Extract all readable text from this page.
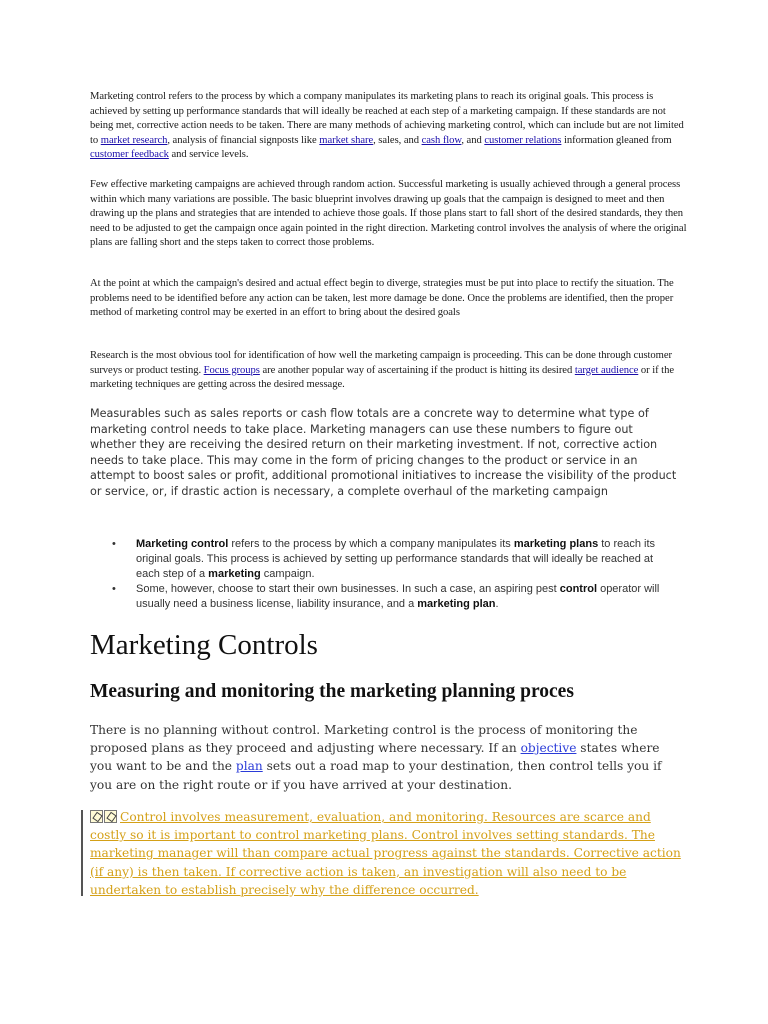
Marketing control refers to the process by which a company manipulates its marketing plans to reach its original goals. This process is achieved by setting up performance standards that will ideally be reached at each step of a marketing campaign. If these standards are not being met, corrective action needs to be taken. There are many methods of achieving marketing control, which can include but are not limited to market research, analysis of financial signposts like market share, sales, and cash flow, and customer relations information gleaned from customer feedback and service levels.

Few effective marketing campaigns are achieved through random action. Successful marketing is usually achieved through a general process within which many variations are possible. The basic blueprint involves drawing up goals that the campaign is designed to meet and then drawing up the plans and strategies that are intended to achieve those goals. If those plans start to fall short of the desired standards, they then need to be adjusted to get the campaign once again pointed in the right direction. Marketing control involves the analysis of where the original plans are falling short and the steps taken to correct those problems.

At the point at which the campaign's desired and actual effect begin to diverge, strategies must be put into place to rectify the situation. The problems need to be identified before any action can be taken, lest more damage be done. Once the problems are identified, then the proper method of marketing control may be exerted in an effort to bring about the desired goals

Research is the most obvious tool for identification of how well the marketing campaign is proceeding. This can be done through customer surveys or product testing. Focus groups are another popular way of ascertaining if the product is hitting its desired target audience or if the marketing techniques are getting across the desired message.

Measurables such as sales reports or cash flow totals are a concrete way to determine what type of marketing control needs to take place. Marketing managers can use these numbers to figure out whether they are receiving the desired return on their marketing investment. If not, corrective action needs to take place. This may come in the form of pricing changes to the product or service in an attempt to boost sales or profit, additional promotional initiatives to increase the visibility of the product or service, or, if drastic action is necessary, a complete overhaul of the marketing campaign
• Marketing control refers to the process by which a company manipulates its marketing plans to reach its original goals. This process is achieved by setting up performance standards that will ideally be reached at each step of a marketing campaign.
• Some, however, choose to start their own businesses. In such a case, an aspiring pest control operator will usually need a business license, liability insurance, and a marketing plan.
Marketing Controls
Measuring and monitoring the marketing planning proces
There is no planning without control. Marketing control is the process of monitoring the proposed plans as they proceed and adjusting where necessary. If an objective states where you want to be and the plan sets out a road map to your destination, then control tells you if you are on the right route or if you have arrived at your destination.
Control involves measurement, evaluation, and monitoring. Resources are scarce and costly so it is important to control marketing plans. Control involves setting standards. The marketing manager will than compare actual progress against the standards. Corrective action (if any) is then taken. If corrective action is taken, an investigation will also need to be undertaken to establish precisely why the difference occurred.
